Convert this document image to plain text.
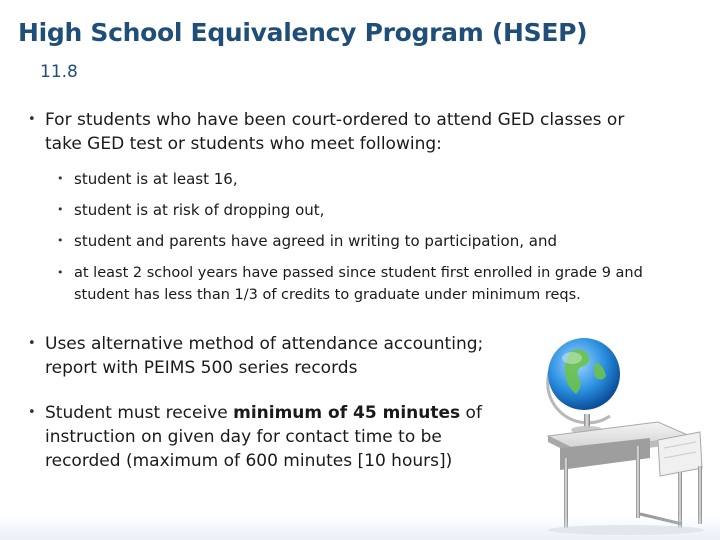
High School Equivalency Program (HSEP)
11.8
• For students who have been court-ordered to attend GED classes or
take GED test or students who meet following:
• student is at least 16,
• student is at risk of dropping out,
• student and parents have agreed in writing to participation, and
• at least 2 school years have passed since student first enrolled in grade 9 and
student has less than 1/3 of credits to graduate under minimum reqs.
• Uses alternative method of attendance accounting;
report with PEIMS 500 series records
• Student must receive minimum of 45 minutes of
instruction on given day for contact time to be
recorded (maximum of 600 minutes [10 hours])
